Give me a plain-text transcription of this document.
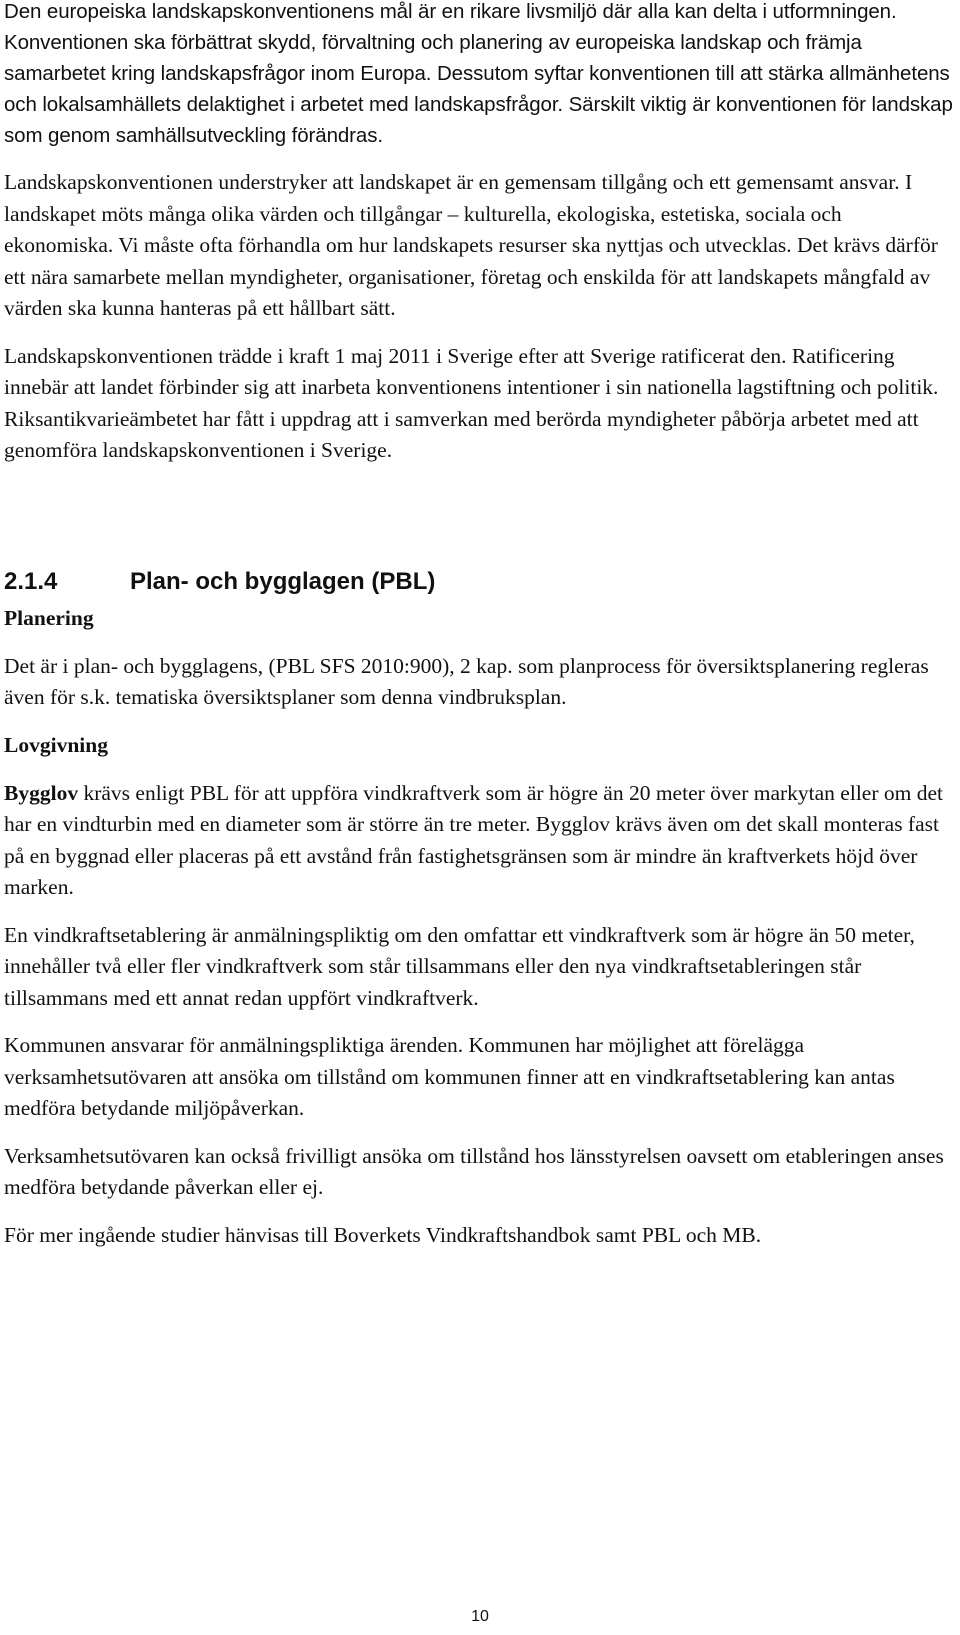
Den europeiska landskapskonventionens mål är en rikare livsmiljö där alla kan delta i utformningen. Konventionen ska förbättrat skydd, förvaltning och planering av europeiska landskap och främja samarbetet kring landskapsfrågor inom Europa. Dessutom syftar konventionen till att stärka allmänhetens och lokalsamhällets delaktighet i arbetet med landskapsfrågor. Särskilt viktig är konventionen för landskap som genom samhällsutveckling förändras.

Landskapskonventionen understryker att landskapet är en gemensam tillgång och ett gemensamt ansvar. I landskapet möts många olika värden och tillgångar – kulturella, ekologiska, estetiska, sociala och ekonomiska. Vi måste ofta förhandla om hur landskapets resurser ska nyttjas och utvecklas. Det krävs därför ett nära samarbete mellan myndigheter, organisationer, företag och enskilda för att landskapets mångfald av värden ska kunna hanteras på ett hållbart sätt.

Landskapskonventionen trädde i kraft 1 maj 2011 i Sverige efter att Sverige ratificerat den. Ratificering innebär att landet förbinder sig att inarbeta konventionens intentioner i sin nationella lagstiftning och politik. Riksantikvarieämbetet har fått i uppdrag att i samverkan med berörda myndigheter påbörja arbetet med att genomföra landskapskonventionen i Sverige.

2.1.4	Plan- och bygglagen (PBL)
Planering

Det är i plan- och bygglagens, (PBL SFS 2010:900), 2 kap. som planprocess för översiktsplanering regleras även för s.k. tematiska översiktsplaner som denna vindbruksplan.

Lovgivning

Bygglov krävs enligt PBL för att uppföra vindkraftverk som är högre än 20 meter över markytan eller om det har en vindturbin med en diameter som är större än tre meter. Bygglov krävs även om det skall monteras fast på en byggnad eller placeras på ett avstånd från fastighetsgränsen som är mindre än kraftverkets höjd över marken.

En vindkraftsetablering är anmälningspliktig om den omfattar ett vindkraftverk som är högre än 50 meter, innehåller två eller fler vindkraftverk som står tillsammans eller den nya vindkraftsetableringen står tillsammans med ett annat redan uppfört vindkraftverk.

Kommunen ansvarar för anmälningspliktiga ärenden. Kommunen har möjlighet att förelägga verksamhetsutövaren att ansöka om tillstånd om kommunen finner att en vindkraftsetablering kan antas medföra betydande miljöpåverkan.

Verksamhetsutövaren kan också frivilligt ansöka om tillstånd hos länsstyrelsen oavsett om etableringen anses medföra betydande påverkan eller ej.

För mer ingående studier hänvisas till Boverkets Vindkraftshandbok samt PBL och MB.

10
